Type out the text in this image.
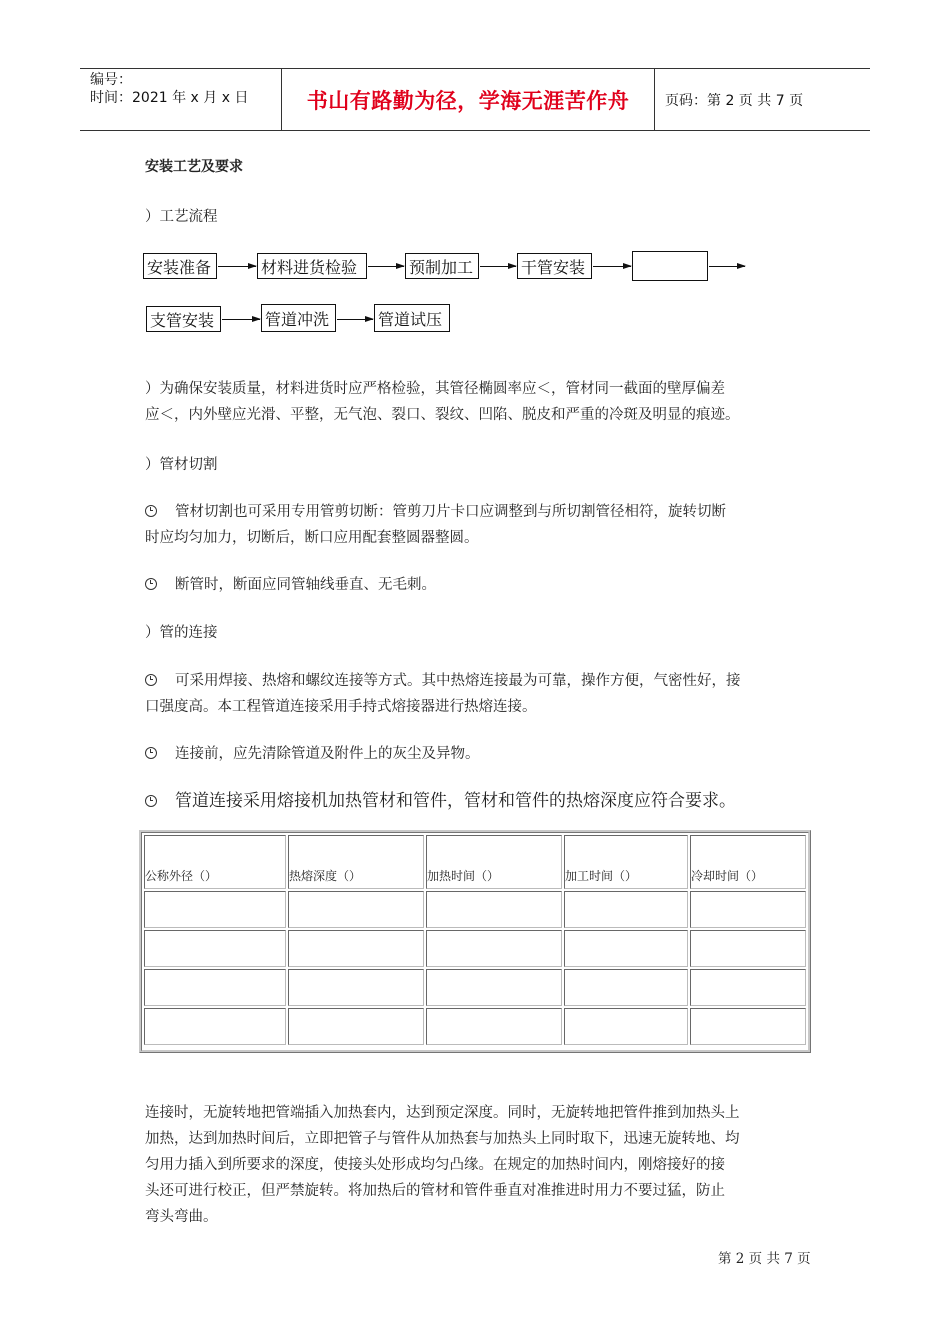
编号：
时间：2021 年 x 月 x 日	书山有路勤为径，学海无涯苦作舟	页码：第 2 页 共 7 页
安装工艺及要求
）工艺流程
安装准备	材料进货检验	预制加工	干管安装
支管安装	管道冲洗	管道试压
）为确保安装质量，材料进货时应严格检验，其管径椭圆率应＜，管材同一截面的壁厚偏差
应＜，内外壁应光滑、平整，无气泡、裂口、裂纹、凹陷、脱皮和严重的冷斑及明显的痕迹。
）管材切割
管材切割也可采用专用管剪切断：管剪刀片卡口应调整到与所切割管径相符，旋转切断
时应均匀加力，切断后，断口应用配套整圆器整圆。
断管时，断面应同管轴线垂直、无毛刺。
）管的连接
可采用焊接、热熔和螺纹连接等方式。其中热熔连接最为可靠，操作方便，气密性好，接
口强度高。本工程管道连接采用手持式熔接器进行热熔连接。
连接前，应先清除管道及附件上的灰尘及异物。
管道连接采用熔接机加热管材和管件，管材和管件的热熔深度应符合要求。
公称外径（）	热熔深度（）	加热时间（）	加工时间（）	冷却时间（）

连接时，无旋转地把管端插入加热套内，达到预定深度。同时，无旋转地把管件推到加热头上
加热，达到加热时间后，立即把管子与管件从加热套与加热头上同时取下，迅速无旋转地、均
匀用力插入到所要求的深度，使接头处形成均匀凸缘。在规定的加热时间内，刚熔接好的接
头还可进行校正，但严禁旋转。将加热后的管材和管件垂直对准推进时用力不要过猛，防止
弯头弯曲。
第 2 页 共 7 页
